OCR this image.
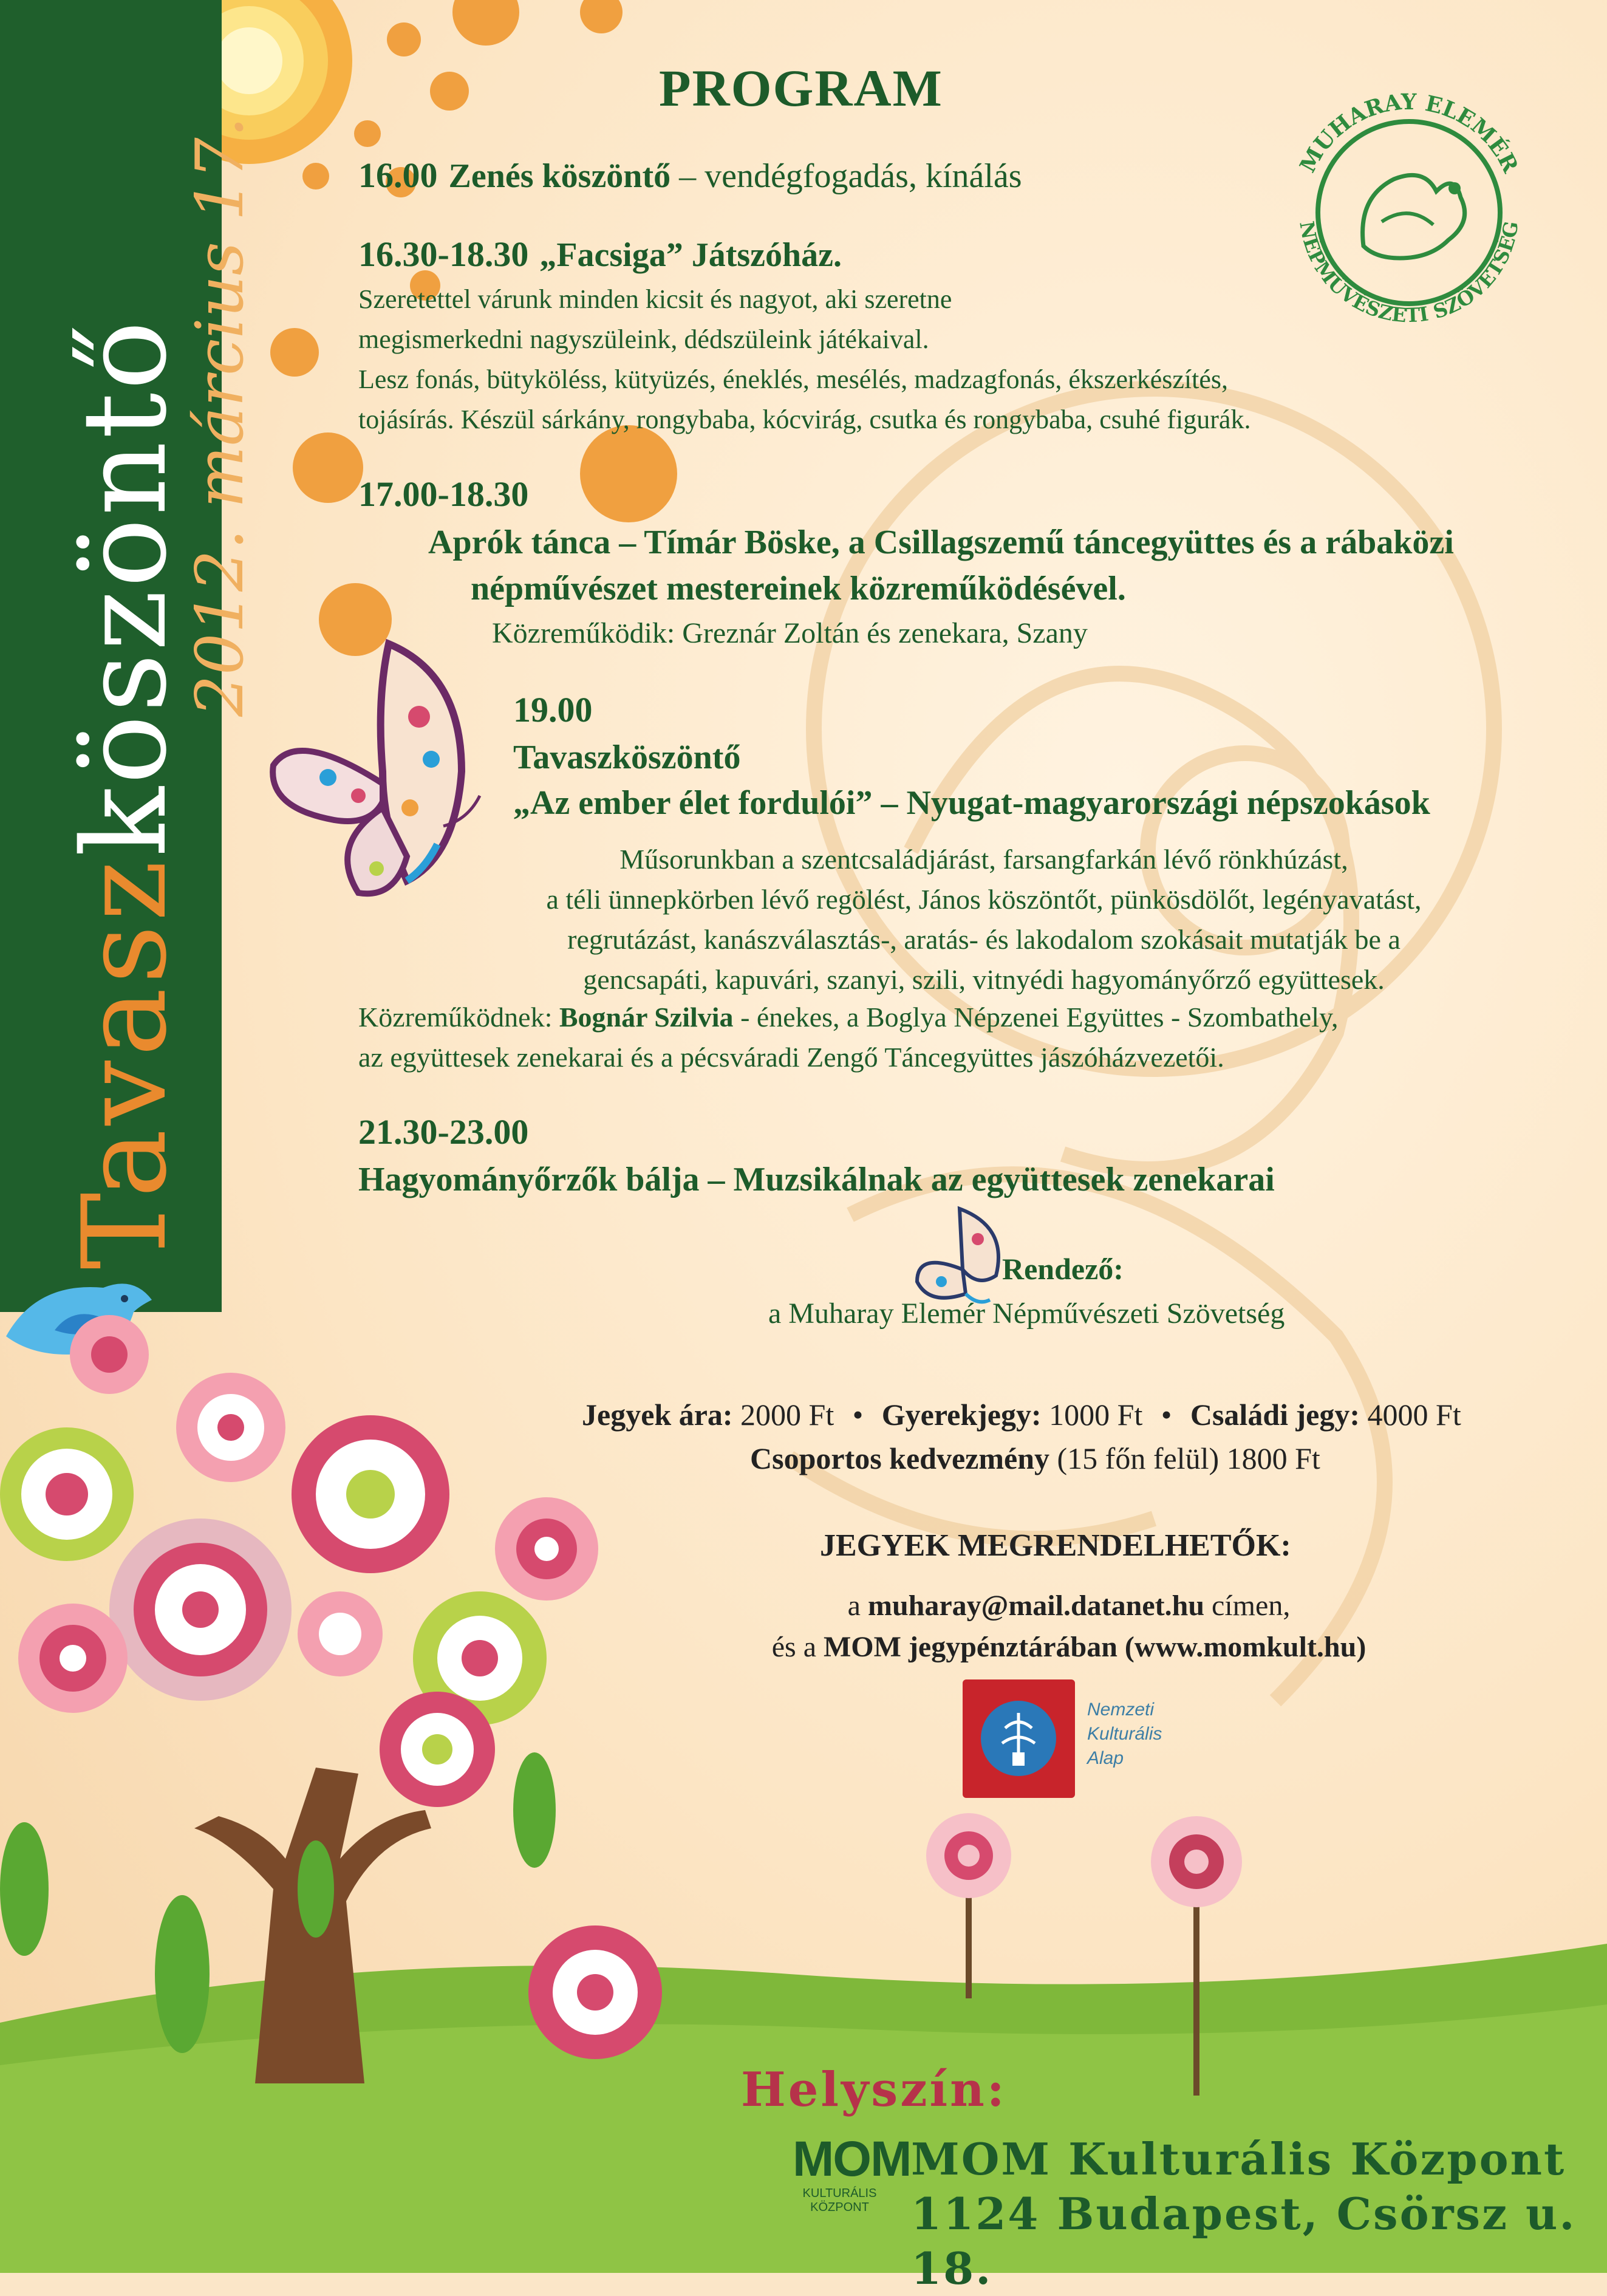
Tavaszköszöntő
2012. március 17.
PROGRAM
MUHARAY ELEMÉR
NÉPMŰVÉSZETI SZÖVETSÉG
16.00 Zenés köszöntő – vendégfogadás, kínálás
16.30-18.30 „Facsiga” Játszóház.
Szeretettel várunk minden kicsit és nagyot, aki szeretne
megismerkedni nagyszüleink, dédszüleink játékaival.
Lesz fonás, bütyköléss, kütyüzés, éneklés, mesélés, madzagfonás, ékszerkészítés,
tojásírás. Készül sárkány, rongybaba, kócvirág, csutka és rongybaba, csuhé figurák.
17.00-18.30
Aprók tánca – Tímár Böske, a Csillagszemű táncegyüttes és a rábaközi
népművészet mestereinek közreműködésével.
Közreműködik: Greznár Zoltán és zenekara, Szany
19.00
Tavaszköszöntő
„Az ember élet fordulói” – Nyugat-magyarországi népszokások
Műsorunkban a szentcsaládjárást, farsangfarkán lévő rönkhúzást,
a téli ünnepkörben lévő regölést, János köszöntőt, pünkösdölőt, legényavatást,
regrutázást, kanászválasztás-, aratás- és lakodalom szokásait mutatják be a
gencsapáti, kapuvári, szanyi, szili, vitnyédi hagyományőrző együttesek.
Közreműködnek: Bognár Szilvia - énekes, a Boglya Népzenei Együttes - Szombathely,
az együttesek zenekarai és a pécsváradi Zengő Táncegyüttes jászóházvezetői.
21.30-23.00
Hagyományőrzők bálja – Muzsikálnak az együttesek zenekarai
Rendező:
a Muharay Elemér Népművészeti Szövetség
Jegyek ára: 2000 Ft • Gyerekjegy: 1000 Ft • Családi jegy: 4000 Ft
Csoportos kedvezmény (15 főn felül) 1800 Ft
JEGYEK MEGRENDELHETŐK:
a muharay@mail.datanet.hu címen,
és a MOM jegypénztárában (www.momkult.hu)
Nemzeti
Kulturális
Alap
Helyszín:
MOM
KULTURÁLIS
KÖZPONT
MOM Kulturális Központ
1124 Budapest, Csörsz u. 18.
